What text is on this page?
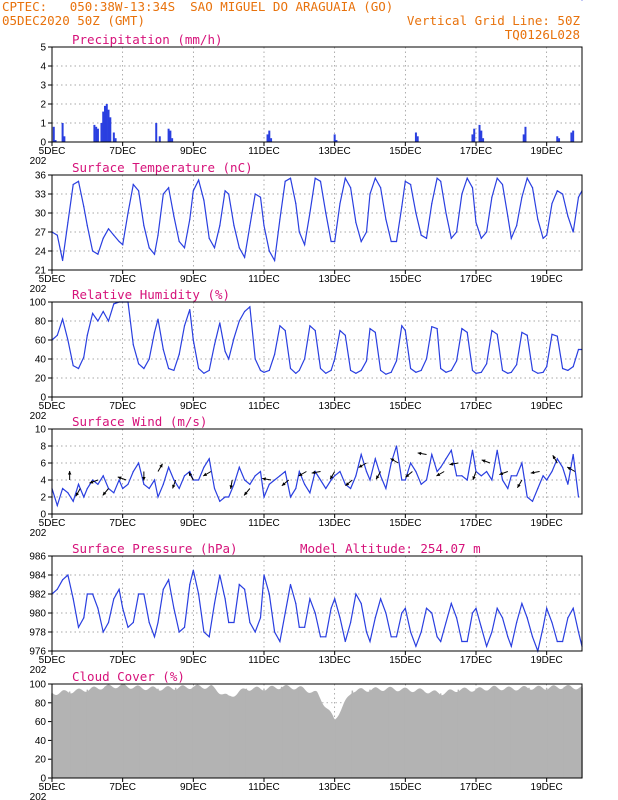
CPTEC:   050:38W-13:34S  SAO MIGUEL DO ARAGUAIA (GO)
05DEC2020 50Z (GMT)	Vertical Grid Line: 50Z
TQ0126L028
0
1
2
3
4
5
5DEC	7DEC	9DEC	11DEC	13DEC	15DEC	17DEC	19DEC
202
Precipitation (mm/h)
21
24
27
30
33
36
5DEC	7DEC	9DEC	11DEC	13DEC	15DEC	17DEC	19DEC
202
Surface Temperature (nC)
0
20
40
60
80
100
5DEC	7DEC	9DEC	11DEC	13DEC	15DEC	17DEC	19DEC
202
Relative Humidity (%)
0
2
4
6
8
10
5DEC	7DEC	9DEC	11DEC	13DEC	15DEC	17DEC	19DEC
202
Surface Wind (m/s)
976
978
980
982
984
986
5DEC	7DEC	9DEC	11DEC	13DEC	15DEC	17DEC	19DEC
202
Surface Pressure (hPa)	Model Altitude: 254.07 m
0
20
40
60
80
100
5DEC	7DEC	9DEC	11DEC	13DEC	15DEC	17DEC	19DEC
202
Cloud Cover (%)
